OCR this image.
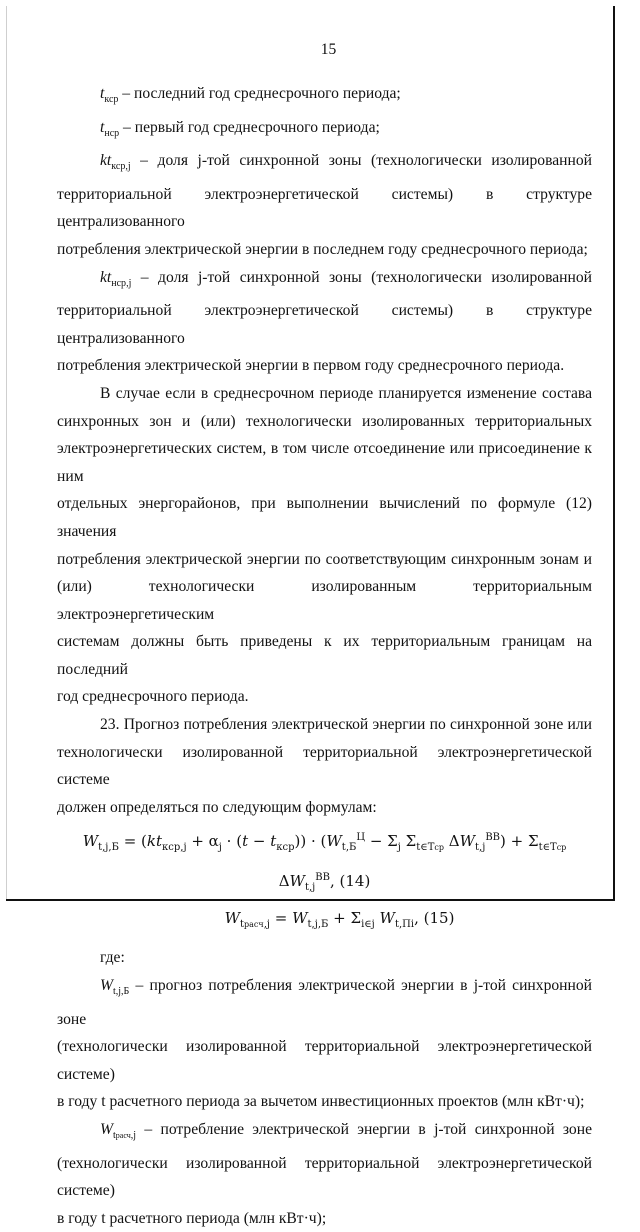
15

$t_{кср}$ – последний год среднесрочного периода;

$t_{нср}$ – первый год среднесрочного периода;

$kt_{кср,j}$ – доля j-той синхронной зоны (технологически изолированной

территориальной электроэнергетической системы) в структуре централизованного

потребления электрической энергии в последнем году среднесрочного периода;

$kt_{нср,j}$ – доля j-той синхронной зоны (технологически изолированной

территориальной электроэнергетической системы) в структуре централизованного

потребления электрической энергии в первом году среднесрочного периода.

В случае если в среднесрочном периоде планируется изменение состава

синхронных зон и (или) технологически изолированных территориальных

электроэнергетических систем, в том числе отсоединение или присоединение к ним

отдельных энергорайонов, при выполнении вычислений по формуле (12) значения

потребления электрической энергии по соответствующим синхронным зонам и

(или) технологически изолированным территориальным электроэнергетическим

системам должны быть приведены к их территориальным границам на последний

год среднесрочного периода.

23. Прогноз потребления электрической энергии по синхронной зоне или

технологически изолированной территориальной электроэнергетической системе

должен определяться по следующим формулам:

$W_{t,j,Б} = (kt_{кср,j} + \alpha_j \cdot (t - t_{кср})) \cdot (W_{t,Б}^Ц - \Sigma_j$ $\Sigma_{t\in Tср}$ $\Delta W_{t,j}^{ВВ}) + \Sigma_{t\in Tср}$ $\Delta W_{t,j}^{ВВ}$, (14)

$W_{tрасч,j} = W_{t,j,Б} + \Sigma_{i\in j}$ $W_{t,Пi}$, (15)

где:

$W_{t,j,Б}$ – прогноз потребления электрической энергии в j-той синхронной зоне

(технологически изолированной территориальной электроэнергетической системе)

в году t расчетного периода за вычетом инвестиционных проектов (млн кВт·ч);

$W_{tрасч,j}$ – потребление электрической энергии в j-той синхронной зоне

(технологически изолированной территориальной электроэнергетической системе)

в году t расчетного периода (млн кВт·ч);
